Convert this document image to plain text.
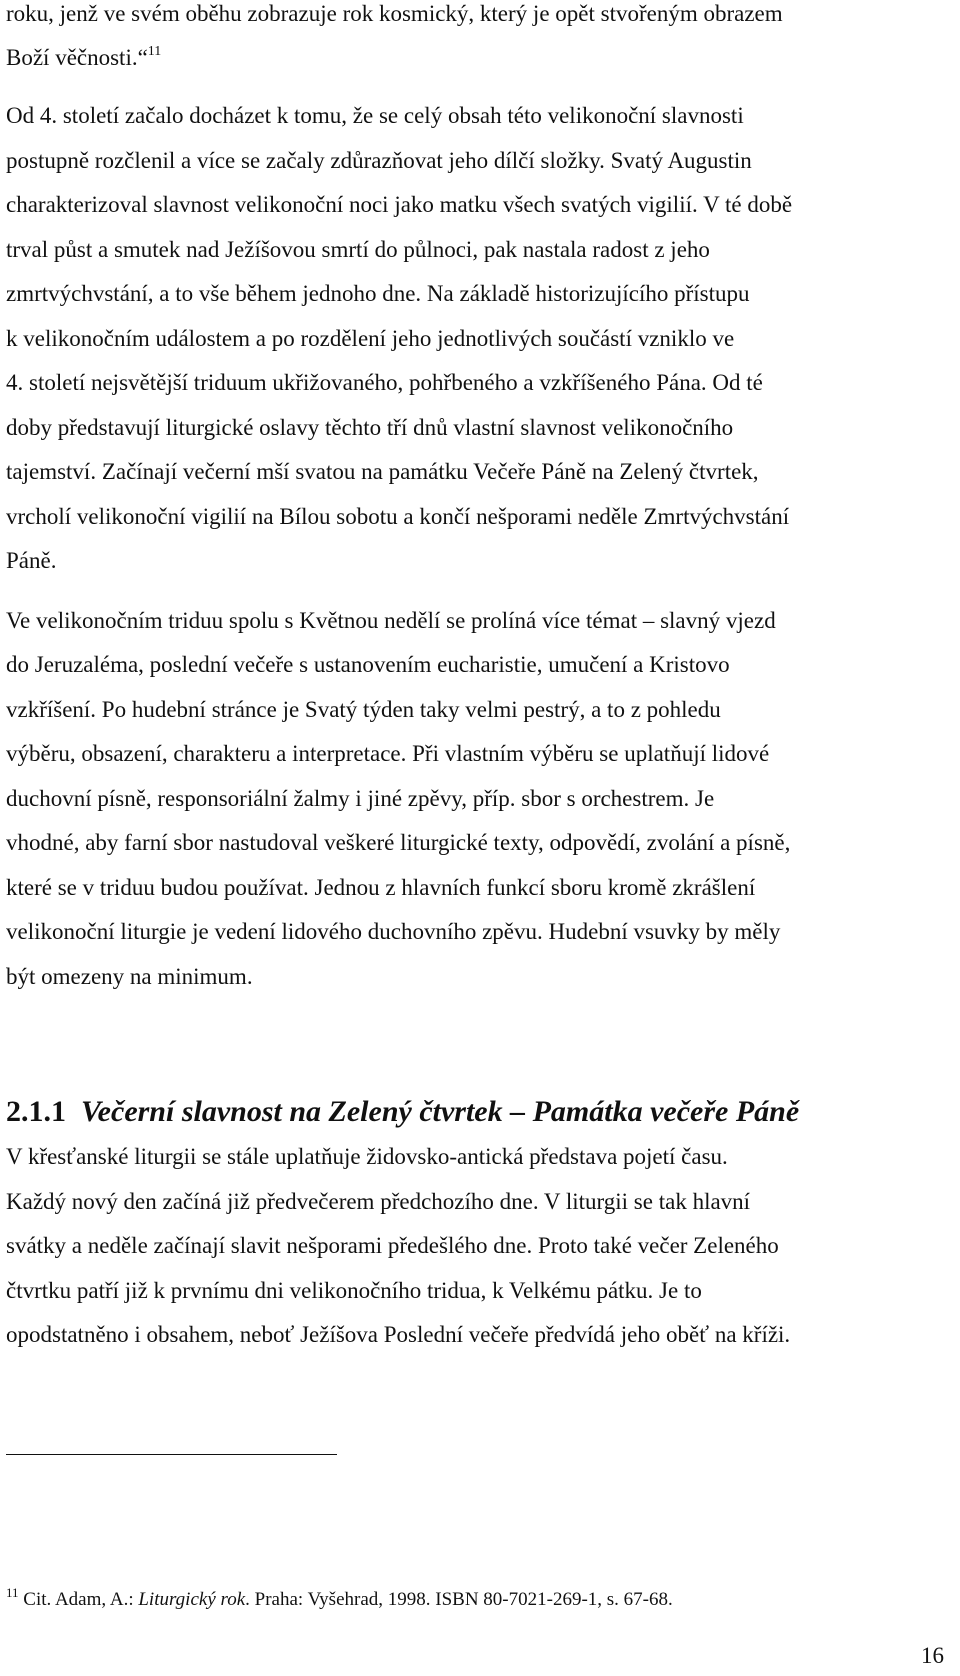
roku, jenž ve svém oběhu zobrazuje rok kosmický, který je opět stvořeným obrazem
Boží věčnosti.“$^{11}$
Od 4. století začalo docházet k tomu, že se celý obsah této velikonoční slavnosti
postupně rozčlenil a více se začaly zdůrazňovat jeho dílčí složky. Svatý Augustin
charakterizoval slavnost velikonoční noci jako matku všech svatých vigilií. V té době
trval půst a smutek nad Ježíšovou smrtí do půlnoci, pak nastala radost z jeho
zmrtvýchvstání, a to vše během jednoho dne. Na základě historizujícího přístupu
k velikonočním událostem a po rozdělení jeho jednotlivých součástí vzniklo ve
4. století nejsvětější triduum ukřižovaného, pohřbeného a vzkříšeného Pána. Od té
doby představují liturgické oslavy těchto tří dnů vlastní slavnost velikonočního
tajemství. Začínají večerní mší svatou na památku Večeře Páně na Zelený čtvrtek,
vrcholí velikonoční vigilií na Bílou sobotu a končí nešporami neděle Zmrtvýchvstání
Páně.
Ve velikonočním triduu spolu s Květnou nedělí se prolíná více témat – slavný vjezd
do Jeruzaléma, poslední večeře s ustanovením eucharistie, umučení a Kristovo
vzkříšení. Po hudební stránce je Svatý týden taky velmi pestrý, a to z pohledu
výběru, obsazení, charakteru a interpretace. Při vlastním výběru se uplatňují lidové
duchovní písně, responsoriální žalmy i jiné zpěvy, příp. sbor s orchestrem. Je
vhodné, aby farní sbor nastudoval veškeré liturgické texty, odpovědí, zvolání a písně,
které se v triduu budou používat. Jednou z hlavních funkcí sboru kromě zkrášlení
velikonoční liturgie je vedení lidového duchovního zpěvu. Hudební vsuvky by měly
být omezeny na minimum.
2.1.1 Večerní slavnost na Zelený čtvrtek – Památka večeře Páně
V křesťanské liturgii se stále uplatňuje židovsko-antická představa pojetí času.
Každý nový den začíná již předvečerem předchozího dne. V liturgii se tak hlavní
svátky a neděle začínají slavit nešporami předešlého dne. Proto také večer Zeleného
čtvrtku patří již k prvnímu dni velikonočního tridua, k Velkému pátku. Je to
opodstatněno i obsahem, neboť Ježíšova Poslední večeře předvídá jeho oběť na kříži.
$^{11}$ Cit. Adam, A.: Liturgický rok. Praha: Vyšehrad, 1998. ISBN 80-7021-269-1, s. 67-68.
16
